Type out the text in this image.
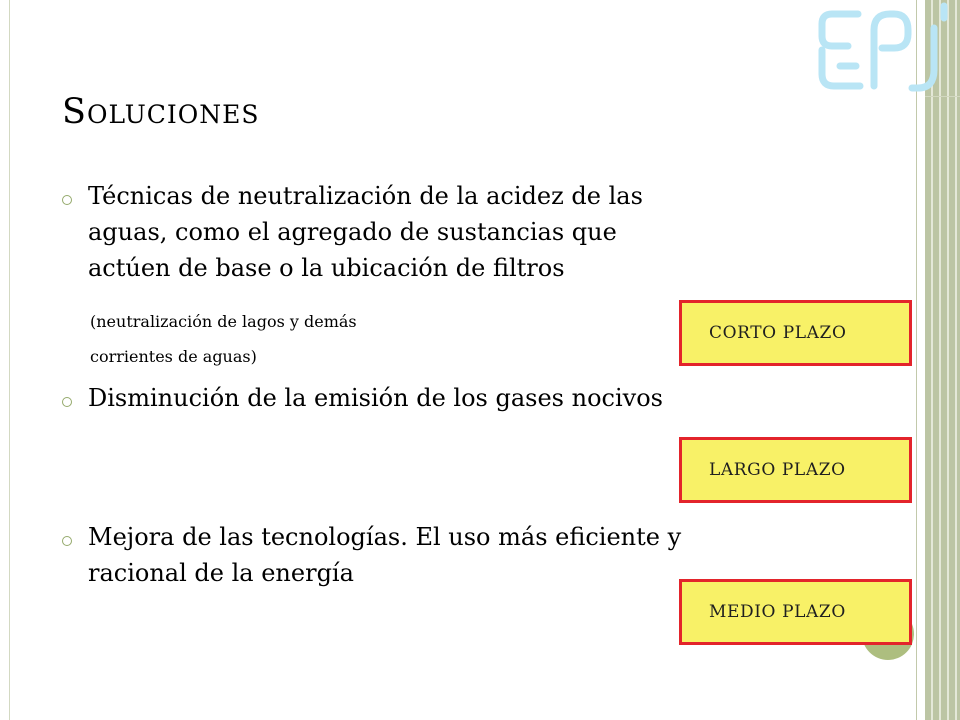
Soluciones
Técnicas de neutralización de la acidez de las
aguas, como el agregado de sustancias que
actúen de base o la ubicación de filtros
(neutralización de lagos y demás
corrientes de aguas)
Disminución de la emisión de los gases nocivos
Mejora de las tecnologías. El uso más eficiente y
racional de la energía
CORTO PLAZO
LARGO PLAZO
MEDIO PLAZO
